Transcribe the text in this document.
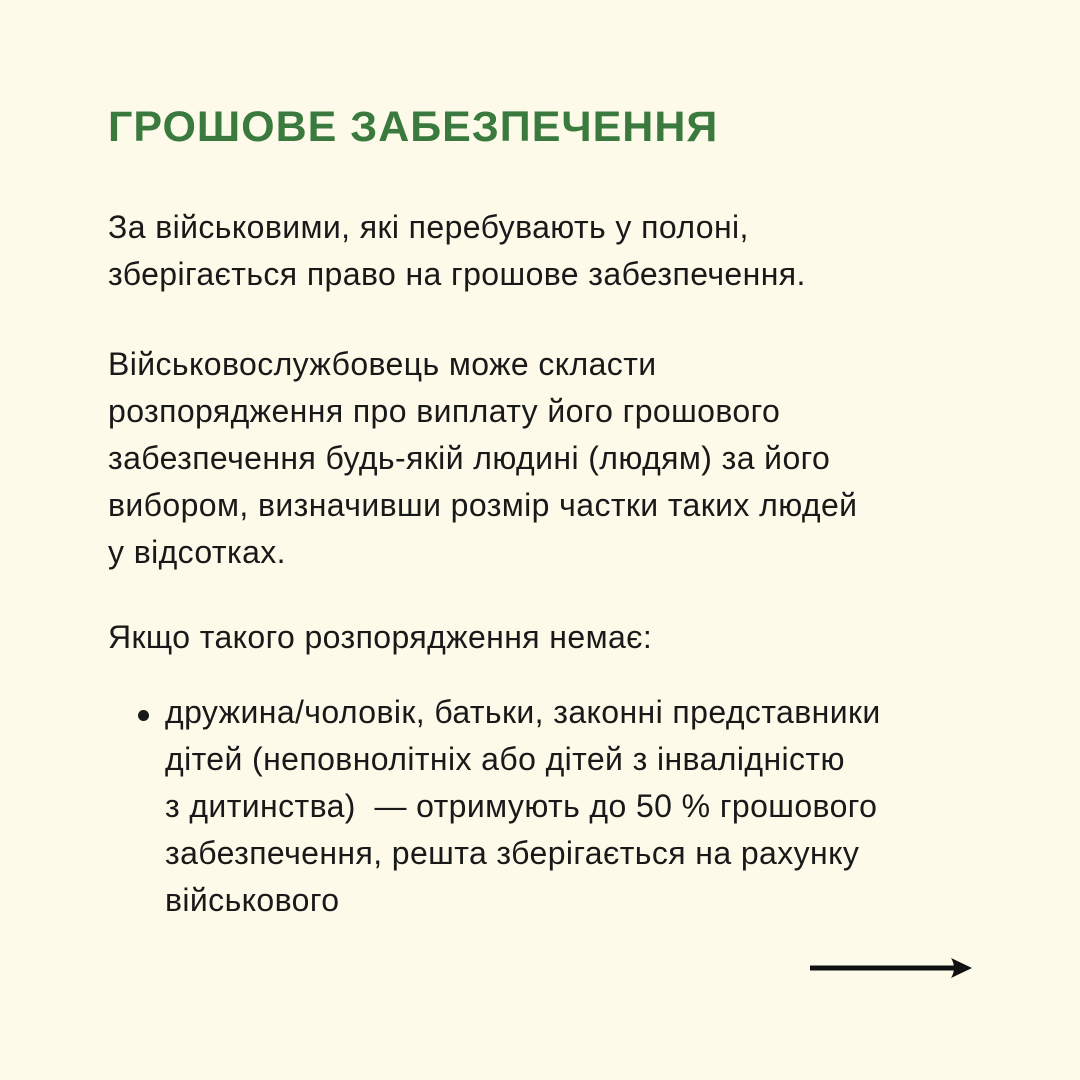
ГРОШОВЕ ЗАБЕЗПЕЧЕННЯ

За військовими, які перебувають у полоні,
зберігається право на грошове забезпечення.

Військовослужбовець може скласти
розпорядження про виплату його грошового
забезпечення будь-якій людині (людям) за його
вибором, визначивши розмір частки таких людей
у відсотках.

Якщо такого розпорядження немає:

дружина/чоловік, батьки, законні представники
дітей (неповнолітніх або дітей з інвалідністю
з дитинства)  — отримують до 50 % грошового
забезпечення, решта зберігається на рахунку
військового
